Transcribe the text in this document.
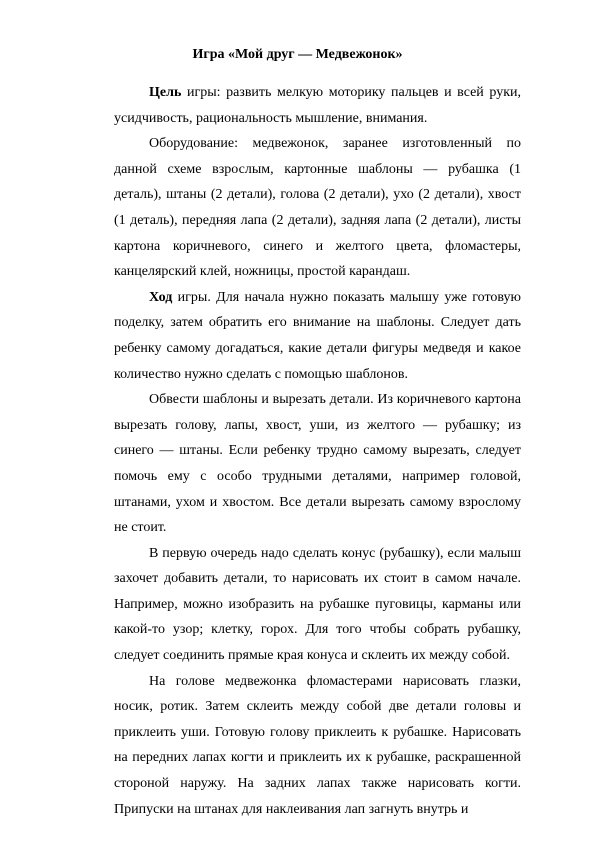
Игра «Мой друг — Медвежонок»

Цель игры: развить мелкую моторику пальцев и всей руки, усидчивость, рациональность мышление, внимания.

Оборудование: медвежонок, заранее изготовленный по данной схеме взрослым, картонные шаблоны — рубашка (1 деталь), штаны (2 детали), голова (2 детали), ухо (2 детали), хвост (1 деталь), передняя лапа (2 детали), задняя лапа (2 детали), листы картона коричневого, синего и желтого цвета, фломастеры, канцелярский клей, ножницы, простой карандаш.

Ход игры. Для начала нужно показать малышу уже готовую поделку, затем обратить его внимание на шаблоны. Следует дать ребенку самому догадаться, какие детали фигуры медведя и какое количество нужно сделать с помощью шаблонов.

Обвести шаблоны и вырезать детали. Из коричневого картона вырезать голову, лапы, хвост, уши, из желтого — рубашку; из синего — штаны. Если ребенку трудно самому вырезать, следует помочь ему с особо трудными деталями, например головой, штанами, ухом и хвостом. Все детали вырезать самому взрослому не стоит.

В первую очередь надо сделать конус (рубашку), если малыш захочет добавить детали, то нарисовать их стоит в самом начале. Например, можно изобразить на рубашке пуговицы, карманы или какой-то узор; клетку, горох. Для того чтобы собрать рубашку, следует соединить прямые края конуса и склеить их между собой.

На голове медвежонка фломастерами нарисовать глазки, носик, ротик. Затем склеить между собой две детали головы и приклеить уши. Готовую голову приклеить к рубашке. Нарисовать на передних лапах когти и приклеить их к рубашке, раскрашенной стороной наружу. На задних лапах также нарисовать когти. Припуски на штанах для наклеивания лап загнуть внутрь и
